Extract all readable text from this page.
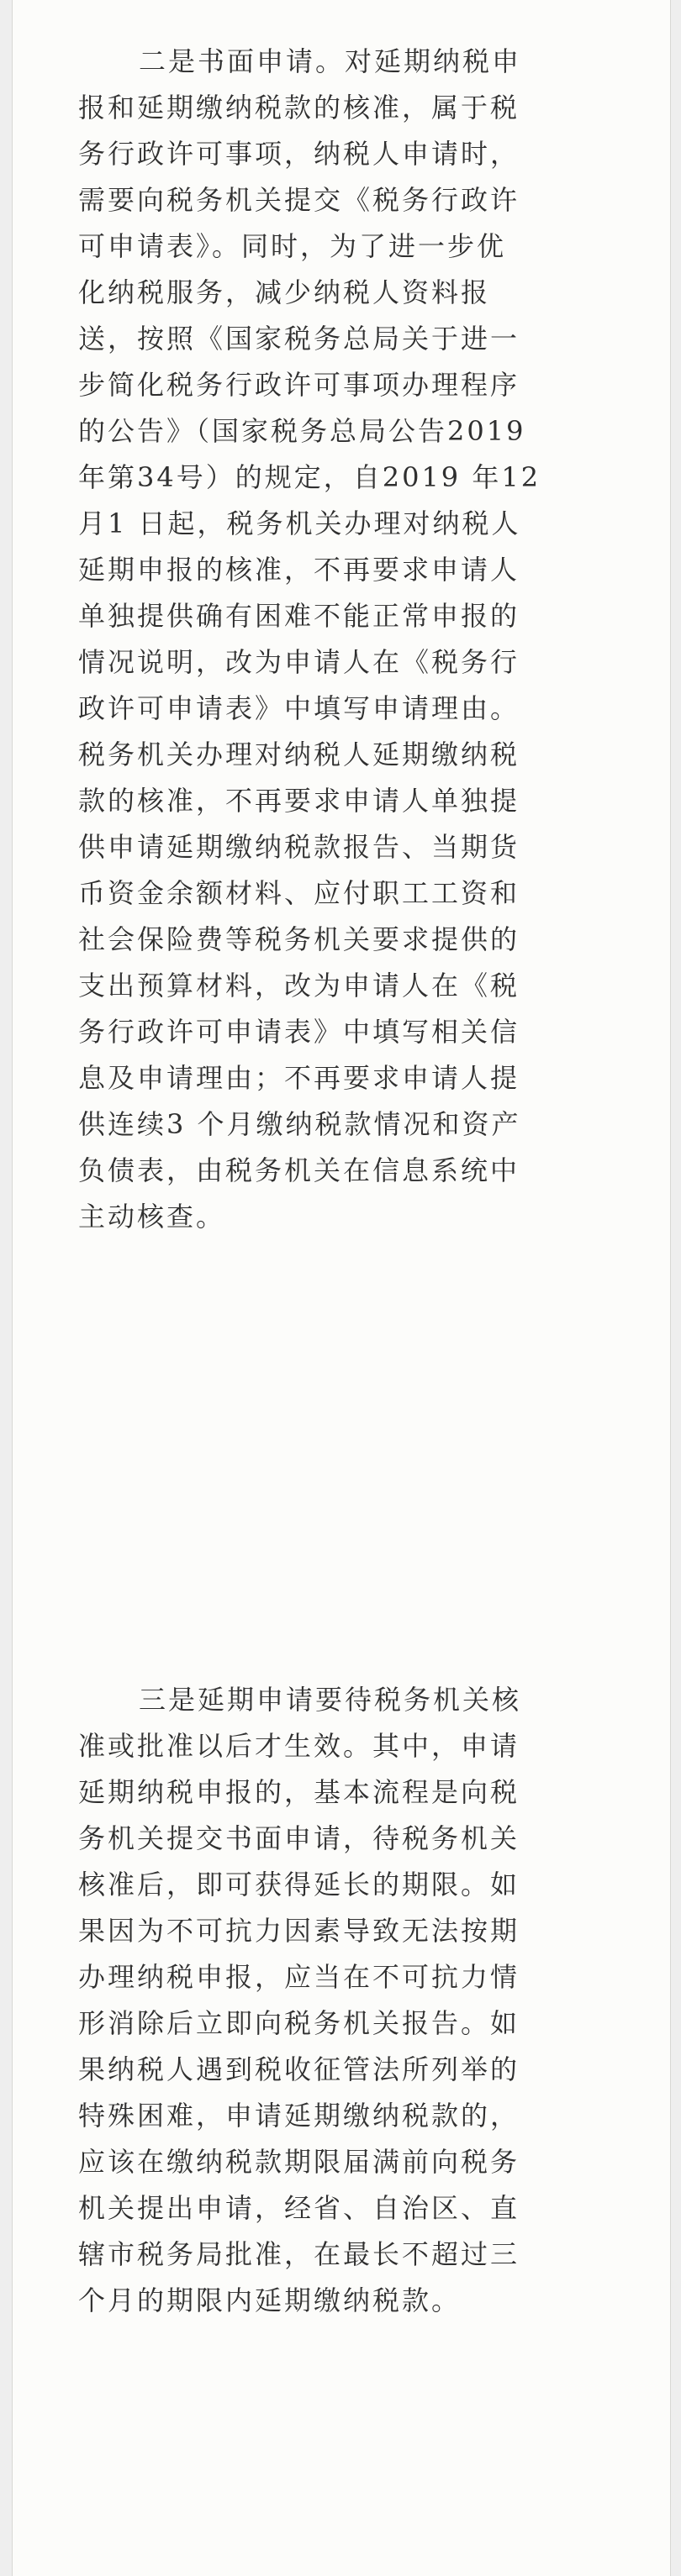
二是书面申请。对延期纳税申
报和延期缴纳税款的核准，属于税
务行政许可事项，纳税人申请时，
需要向税务机关提交《税务行政许
可申请表》。同时，为了进一步优
化纳税服务，减少纳税人资料报
送，按照《国家税务总局关于进一
步简化税务行政许可事项办理程序
的公告》（国家税务总局公告2019
年第34号）的规定，自2019 年12
月1 日起，税务机关办理对纳税人
延期申报的核准，不再要求申请人
单独提供确有困难不能正常申报的
情况说明，改为申请人在《税务行
政许可申请表》中填写申请理由。
税务机关办理对纳税人延期缴纳税
款的核准，不再要求申请人单独提
供申请延期缴纳税款报告、当期货
币资金余额材料、应付职工工资和
社会保险费等税务机关要求提供的
支出预算材料，改为申请人在《税
务行政许可申请表》中填写相关信
息及申请理由；不再要求申请人提
供连续3 个月缴纳税款情况和资产
负债表，由税务机关在信息系统中
主动核查。
三是延期申请要待税务机关核
准或批准以后才生效。其中，申请
延期纳税申报的，基本流程是向税
务机关提交书面申请，待税务机关
核准后，即可获得延长的期限。如
果因为不可抗力因素导致无法按期
办理纳税申报，应当在不可抗力情
形消除后立即向税务机关报告。如
果纳税人遇到税收征管法所列举的
特殊困难，申请延期缴纳税款的，
应该在缴纳税款期限届满前向税务
机关提出申请，经省、自治区、直
辖市税务局批准，在最长不超过三
个月的期限内延期缴纳税款。
